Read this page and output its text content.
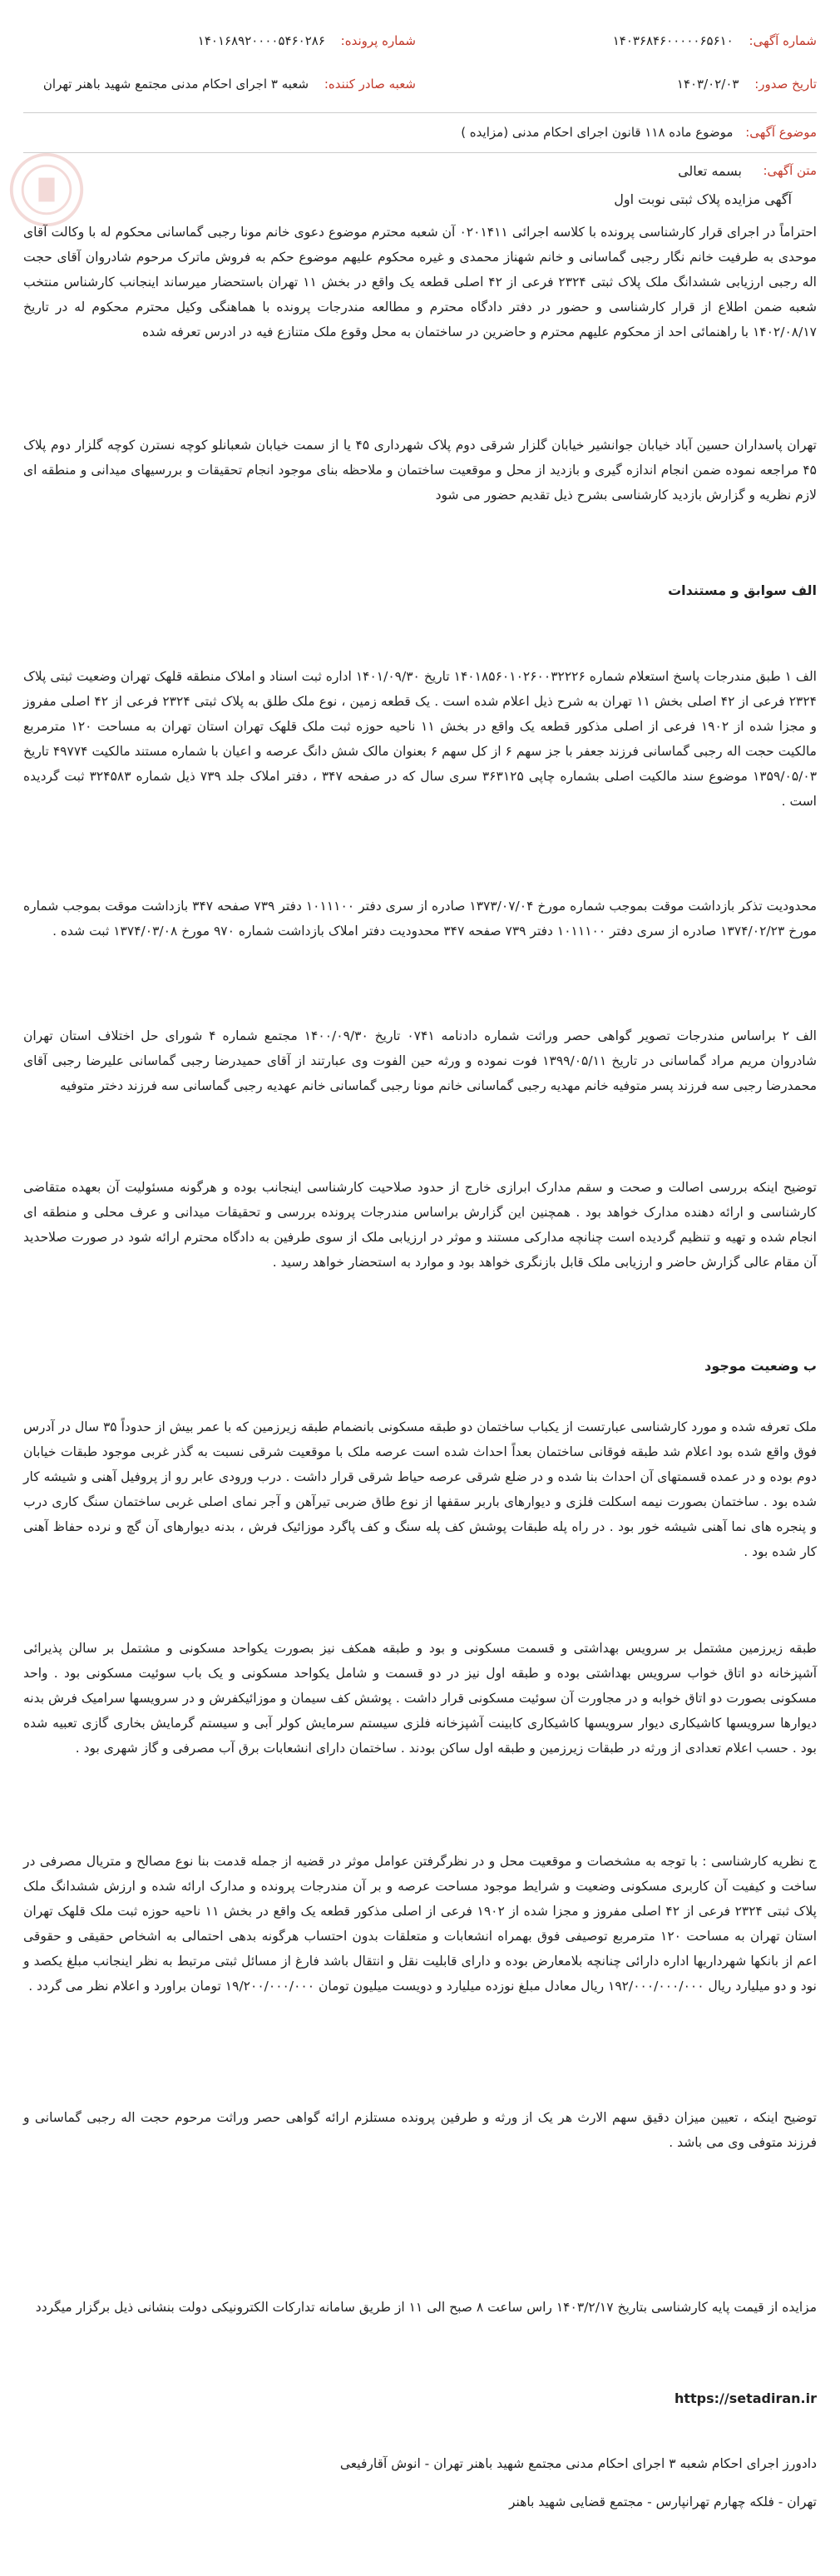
شماره آگهی: ۱۴۰۳۶۸۴۶۰۰۰۰۰۶۵۶۱۰
شماره پرونده: ۱۴۰۱۶۸۹۲۰۰۰۰۵۴۶۰۲۸۶
تاریخ صدور: ۱۴۰۳/۰۲/۰۳
شعبه صادر کننده: شعبه ۳ اجرای احکام مدنی مجتمع شهید باهنر تهران
موضوع آگهی: موضوع ماده ۱۱۸ قانون اجرای احکام مدنی (مزایده )
متن آگهی:
بسمه تعالی
آگهی مزایده پلاک ثبتی نوبت اول

احتراماً در اجرای قرار کارشناسی پرونده با کلاسه اجرائی ۰۲۰۱۴۱۱ آن شعبه محترم موضوع دعوی خانم مونا رجبی گماسانی محکوم له با وکالت آقای موحدی به طرفیت خانم نگار رجبی گماسانی و خانم شهناز محمدی و غیره محکوم علیهم موضوع حکم به فروش ماترک مرحوم شادروان آقای حجت اله رجبی ارزیابی ششدانگ ملک پلاک ثبتی ۲۳۲۴ فرعی از ۴۲ اصلی قطعه یک واقع در بخش ۱۱ تهران باستحضار میرساند اینجانب کارشناس منتخب شعبه ضمن اطلاع از قرار کارشناسی و حضور در دفتر دادگاه محترم و مطالعه مندرجات پرونده با هماهنگی وکیل محترم محکوم له در تاریخ ۱۴۰۲/۰۸/۱۷ با راهنمائی احد از محکوم علیهم محترم و حاضرین در ساختمان به محل وقوع ملک متنازع فیه در ادرس تعرفه شده

تهران پاسداران حسین آباد خیابان جوانشیر خیابان گلزار شرقی دوم پلاک شهرداری ۴۵ یا از سمت خیابان شعبانلو کوچه نسترن کوچه گلزار دوم پلاک ۴۵ مراجعه نموده ضمن انجام اندازه گیری و بازدید از محل و موقعیت ساختمان و ملاحظه بنای موجود انجام تحقیقات و بررسیهای میدانی و منطقه ای لازم نظریه و گزارش بازدید کارشناسی بشرح ذیل تقدیم حضور می شود

الف سوابق و مستندات

الف ۱ طبق مندرجات پاسخ استعلام شماره ۱۴۰۱۸۵۶۰۱۰۲۶۰۰۳۲۲۲۶ تاریخ ۱۴۰۱/۰۹/۳۰ اداره ثبت اسناد و املاک منطقه قلهک تهران وضعیت ثبتی پلاک ۲۳۲۴ فرعی از ۴۲ اصلی بخش ۱۱ تهران به شرح ذیل اعلام شده است . یک قطعه زمین ، نوع ملک طلق به پلاک ثبتی ۲۳۲۴ فرعی از ۴۲ اصلی مفروز و مجزا شده از ۱۹۰۲ فرعی از اصلی مذکور قطعه یک واقع در بخش ۱۱ ناحیه حوزه ثبت ملک قلهک تهران استان تهران به مساحت ۱۲۰ مترمربع مالکیت حجت اله رجبی گماسانی فرزند جعفر با جز سهم ۶ از کل سهم ۶ بعنوان مالک شش دانگ عرصه و اعیان با شماره مستند مالکیت ۴۹۷۷۴ تاریخ ۱۳۵۹/۰۵/۰۳ موضوع سند مالکیت اصلی بشماره چاپی ۳۶۳۱۲۵ سری سال که در صفحه ۳۴۷ ، دفتر املاک جلد ۷۳۹ ذیل شماره ۳۲۴۵۸۳ ثبت گردیده است .

محدودیت تذکر بازداشت موقت بموجب شماره مورخ ۱۳۷۳/۰۷/۰۴ صادره از سری دفتر ۱۰۱۱۱۰۰ دفتر ۷۳۹ صفحه ۳۴۷ بازداشت موقت بموجب شماره مورخ ۱۳۷۴/۰۲/۲۳ صادره از سری دفتر ۱۰۱۱۱۰۰ دفتر ۷۳۹ صفحه ۳۴۷ محدودیت دفتر املاک بازداشت شماره ۹۷۰ مورخ ۱۳۷۴/۰۳/۰۸ ثبت شده .

الف ۲ براساس مندرجات تصویر گواهی حصر وراثت شماره دادنامه ۰۷۴۱ تاریخ ۱۴۰۰/۰۹/۳۰ مجتمع شماره ۴ شورای حل اختلاف استان تهران شادروان مریم مراد گماسانی در تاریخ ۱۳۹۹/۰۵/۱۱ فوت نموده و ورثه حین الفوت وی عبارتند از آقای حمیدرضا رجبی گماسانی علیرضا رجبی آقای محمدرضا رجبی سه فرزند پسر متوفیه خانم مهدیه رجبی گماسانی خانم مونا رجبی گماسانی خانم عهدیه رجبی گماسانی سه فرزند دختر متوفیه

توضیح اینکه بررسی اصالت و صحت و سقم مدارک ابرازی خارج از حدود صلاحیت کارشناسی اینجانب بوده و هرگونه مسئولیت آن بعهده متقاضی کارشناسی و ارائه دهنده مدارک خواهد بود . همچنین این گزارش براساس مندرجات پرونده بررسی و تحقیقات میدانی و عرف محلی و منطقه ای انجام شده و تهیه و تنظیم گردیده است چنانچه مدارکی مستند و موثر در ارزیابی ملک از سوی طرفین به دادگاه محترم ارائه شود در صورت صلاحدید آن مقام عالی گزارش حاضر و ارزیابی ملک قابل بازنگری خواهد بود و موارد به استحضار خواهد رسید .

ب وضعیت موجود

ملک تعرفه شده و مورد کارشناسی عبارتست از یکباب ساختمان دو طبقه مسکونی بانضمام طبقه زیرزمین که با عمر بیش از حدوداً ۳۵ سال در آدرس فوق واقع شده بود اعلام شد طبقه فوقانی ساختمان بعداً احداث شده است عرصه ملک با موقعیت شرقی نسبت به گذر غربی موجود طبقات خیابان دوم بوده و در عمده قسمتهای آن احداث بنا شده و در ضلع شرقی عرصه حیاط شرقی قرار داشت . درب ورودی عابر رو از پروفیل آهنی و شیشه کار شده بود . ساختمان بصورت نیمه اسکلت فلزی و دیوارهای باربر سقفها از نوع طاق ضربی تیرآهن و آجر نمای اصلی غربی ساختمان سنگ کاری درب و پنجره های نما آهنی شیشه خور بود . در راه پله طبقات پوشش کف پله سنگ و کف پاگرد موزائیک فرش ، بدنه دیوارهای آن گچ و نرده حفاظ آهنی کار شده بود .

طبقه زیرزمین مشتمل بر سرویس بهداشتی و قسمت مسکونی و بود و طبقه همکف نیز بصورت یکواحد مسکونی و مشتمل بر سالن پذیرائی آشپزخانه دو اتاق خواب سرویس بهداشتی بوده و طبقه اول نیز در دو قسمت و شامل یکواحد مسکونی و یک باب سوئیت مسکونی بود . واحد مسکونی بصورت دو اتاق خوابه و در مجاورت آن سوئیت مسکونی قرار داشت . پوشش کف سیمان و موزائیکفرش و در سرویسها سرامیک فرش بدنه دیوارها سرویسها کاشیکاری دیوار سرویسها کاشیکاری کابینت آشپزخانه فلزی سیستم سرمایش کولر آبی و سیستم گرمایش بخاری گازی تعبیه شده بود . حسب اعلام تعدادی از ورثه در طبقات زیرزمین و طبقه اول ساکن بودند . ساختمان دارای انشعابات برق آب مصرفی و گاز شهری بود .

ج نظریه کارشناسی : با توجه به مشخصات و موقعیت محل و در نظرگرفتن عوامل موثر در قضیه از جمله قدمت بنا نوع مصالح و متریال مصرفی در ساخت و کیفیت آن کاربری مسکونی وضعیت و شرایط موجود مساحت عرصه و بر آن مندرجات پرونده و مدارک ارائه شده و ارزش ششدانگ ملک پلاک ثبتی ۲۳۲۴ فرعی از ۴۲ اصلی مفروز و مجزا شده از ۱۹۰۲ فرعی از اصلی مذکور قطعه یک واقع در بخش ۱۱ ناحیه حوزه ثبت ملک قلهک تهران استان تهران به مساحت ۱۲۰ مترمربع توصیفی فوق بهمراه انشعابات و متعلقات بدون احتساب هرگونه بدهی احتمالی به اشخاص حقیقی و حقوقی اعم از بانکها شهرداریها اداره دارائی چنانچه بلامعارض بوده و دارای قابلیت نقل و انتقال باشد فارغ از مسائل ثبتی مرتبط به نظر اینجانب مبلغ یکصد و نود و دو میلیارد ریال ۱۹۲/۰۰۰/۰۰۰/۰۰۰ ریال معادل مبلغ نوزده میلیارد و دویست میلیون تومان ۱۹/۲۰۰/۰۰۰/۰۰۰ تومان براورد و اعلام نظر می گردد .

توضیح اینکه ، تعیین میزان دقیق سهم الارث هر یک از ورثه و طرفین پرونده مستلزم ارائه گواهی حصر وراثت مرحوم حجت اله رجبی گماسانی و فرزند متوفی وی می باشد .

مزایده از قیمت پایه کارشناسی بتاریخ ۱۴۰۳/۲/۱۷ راس ساعت ۸ صبح الی ۱۱ از طریق سامانه تدارکات الکترونیکی دولت بنشانی ذیل برگزار میگردد

https://setadiran.ir
دادورز اجرای احکام شعبه ۳ اجرای احکام مدنی مجتمع شهید باهنر تهران - انوش آقارفیعی
تهران - فلکه چهارم تهرانپارس - مجتمع قضایی شهید باهنر
